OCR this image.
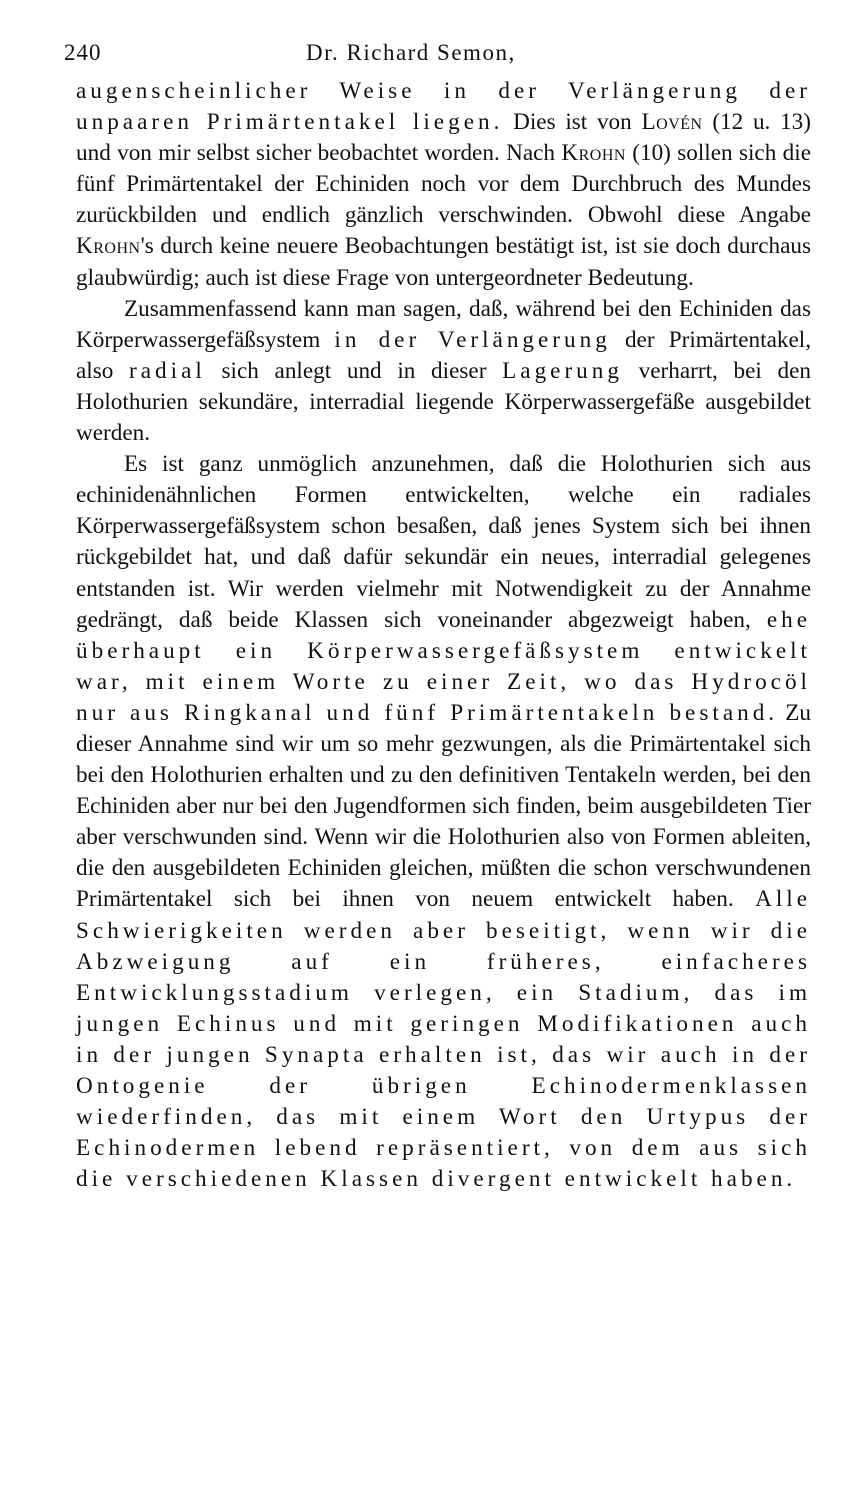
240	Dr. Richard Semon,

augenscheinlicher Weise in der Verlängerung der unpaaren Primärtentakel liegen. Dies ist von Lovén (12 u. 13) und von mir selbst sicher beobachtet worden. Nach Krohn (10) sollen sich die fünf Primärtentakel der Echiniden noch vor dem Durchbruch des Mundes zurückbilden und endlich gänzlich verschwinden. Obwohl diese Angabe Krohn's durch keine neuere Beobachtungen bestätigt ist, ist sie doch durchaus glaubwürdig; auch ist diese Frage von untergeordneter Bedeutung.

Zusammenfassend kann man sagen, daß, während bei den Echiniden das Körperwassergefäßsystem in der Verlängerung der Primärtentakel, also radial sich anlegt und in dieser Lagerung verharrt, bei den Holothurien sekundäre, interradial liegende Körperwassergefäße ausgebildet werden.

Es ist ganz unmöglich anzunehmen, daß die Holothurien sich aus echinidenähnlichen Formen entwickelten, welche ein radiales Körperwassergefäßsystem schon besaßen, daß jenes System sich bei ihnen rückgebildet hat, und daß dafür sekundär ein neues, interradial gelegenes entstanden ist. Wir werden vielmehr mit Notwendigkeit zu der Annahme gedrängt, daß beide Klassen sich voneinander abgezweigt haben, ehe überhaupt ein Körperwassergefäßsystem entwickelt war, mit einem Worte zu einer Zeit, wo das Hydrocöl nur aus Ringkanal und fünf Primärtentakeln bestand. Zu dieser Annahme sind wir um so mehr gezwungen, als die Primärtentakel sich bei den Holothurien erhalten und zu den definitiven Tentakeln werden, bei den Echiniden aber nur bei den Jugendformen sich finden, beim ausgebildeten Tier aber verschwunden sind. Wenn wir die Holothurien also von Formen ableiten, die den ausgebildeten Echiniden gleichen, müßten die schon verschwundenen Primärtentakel sich bei ihnen von neuem entwickelt haben. Alle Schwierigkeiten werden aber beseitigt, wenn wir die Abzweigung auf ein früheres, einfacheres Entwicklungsstadium verlegen, ein Stadium, das im jungen Echinus und mit geringen Modifikationen auch in der jungen Synapta erhalten ist, das wir auch in der Ontogenie der übrigen Echinodermenklassen wiederfinden, das mit einem Wort den Urtypus der Echinodermen lebend repräsentiert, von dem aus sich die verschiedenen Klassen divergent entwickelt haben.
